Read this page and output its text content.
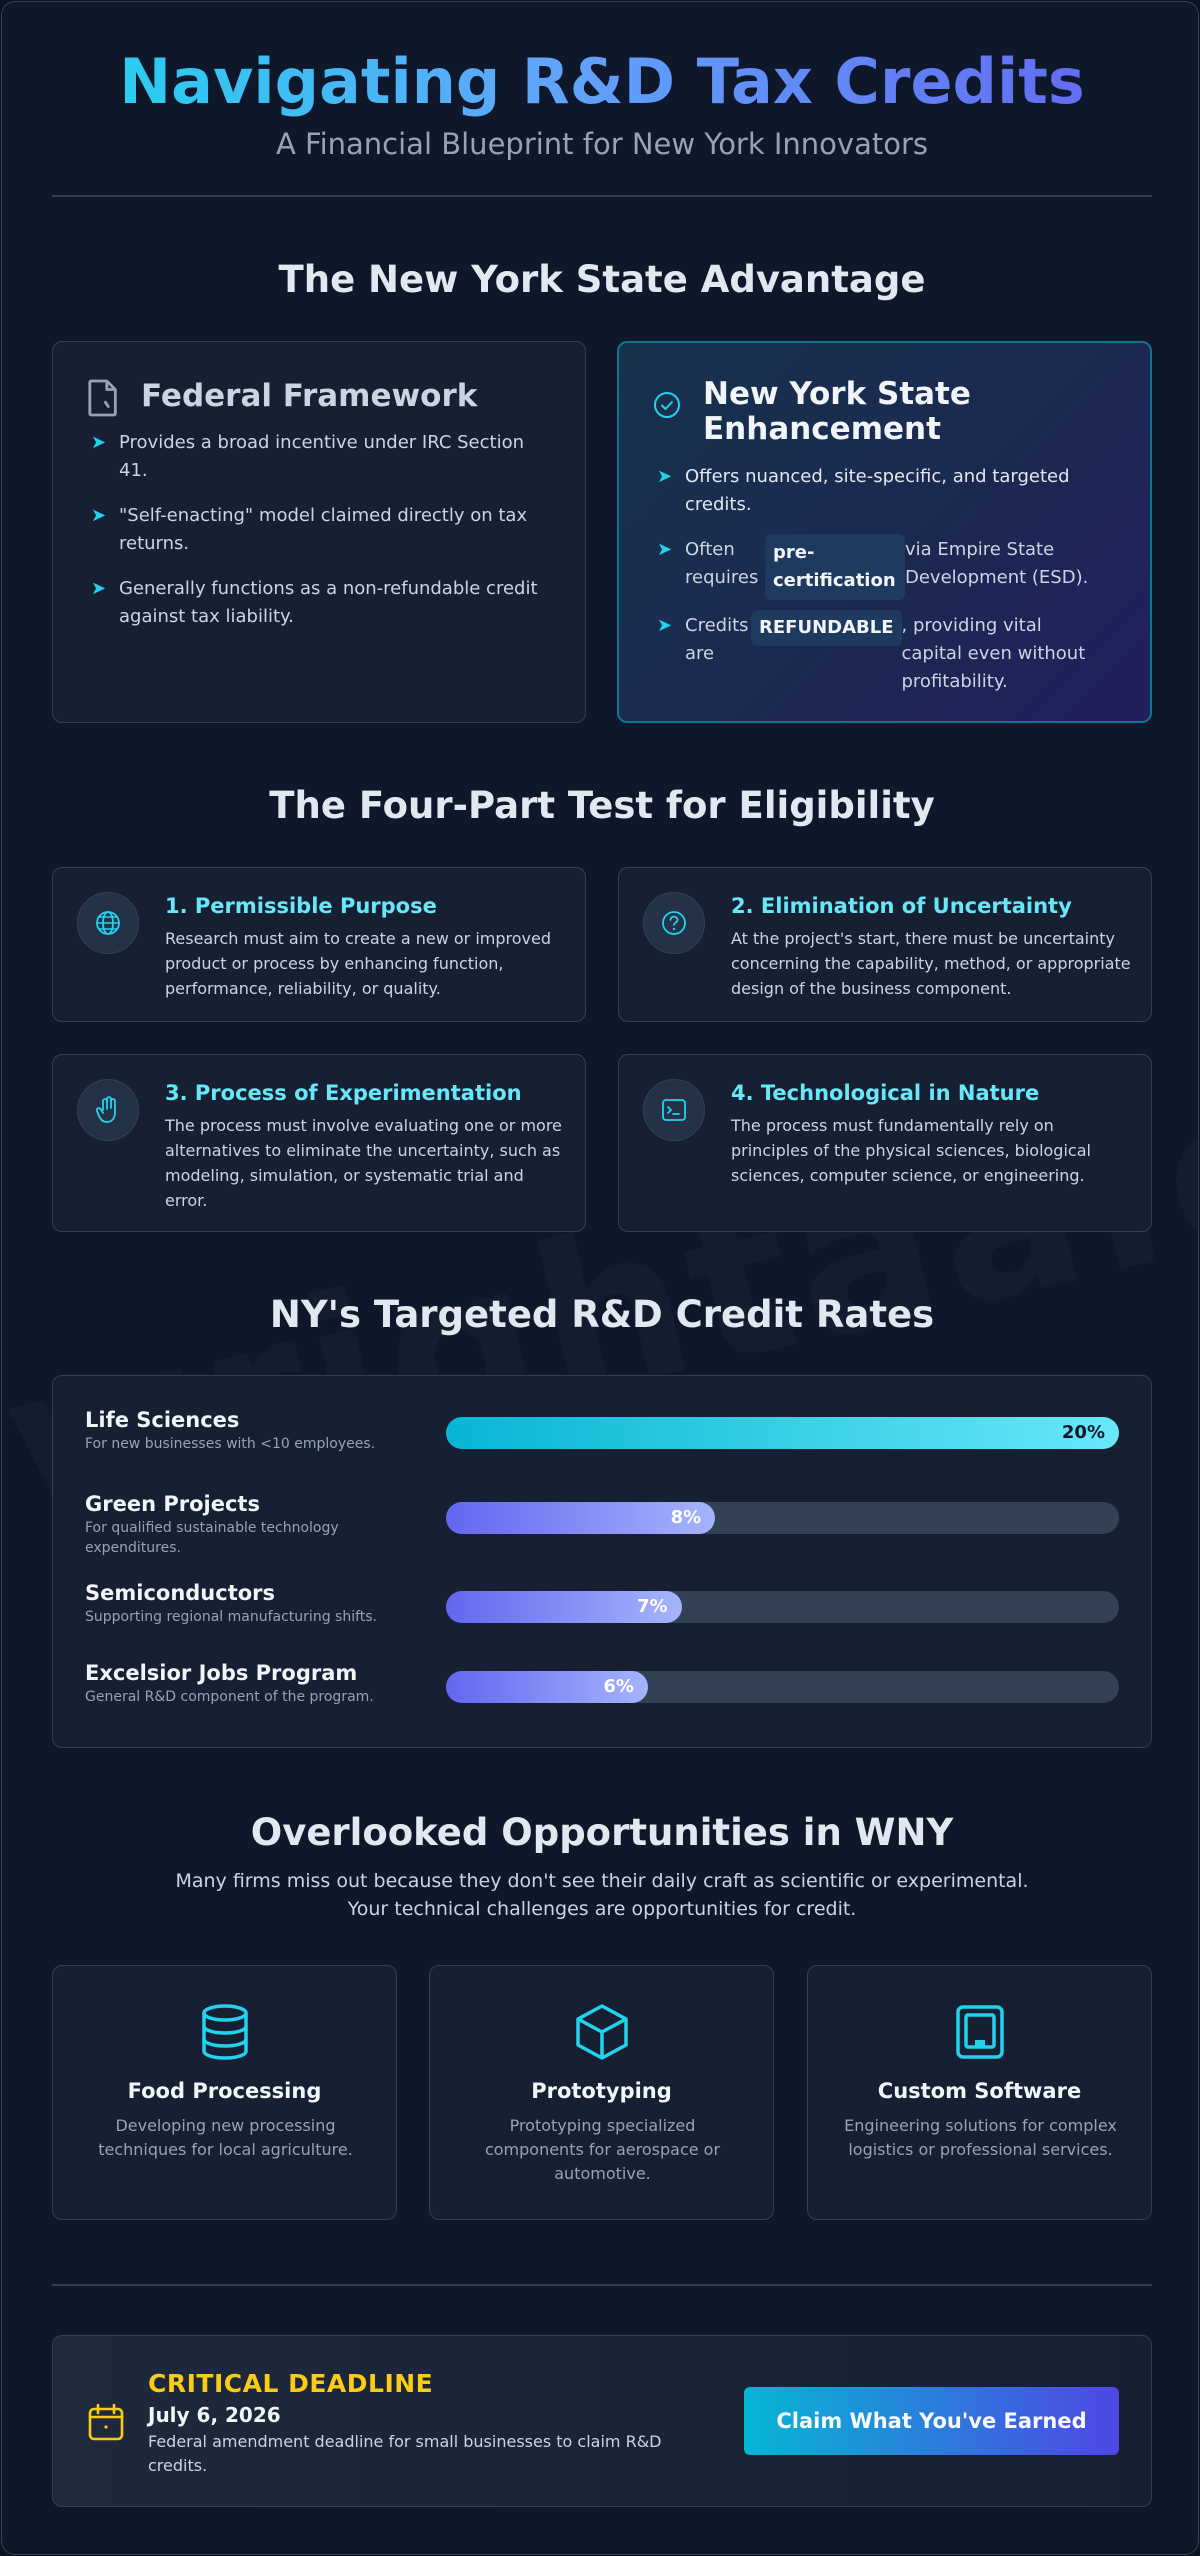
Navigating R&D Tax Credits
A Financial Blueprint for New York Innovators
The New York State Advantage
Federal Framework
➤ Provides a broad incentive under IRC Section 41.
➤ "Self-enacting" model claimed directly on tax returns.
➤ Generally functions as a non-refundable credit against tax liability.
New York State Enhancement
➤ Offers nuanced, site-specific, and targeted credits.
➤ Often requires
pre-certification
via Empire State Development (ESD).
➤ Credits are
REFUNDABLE , providing vital capital even without profitability.
The Four-Part Test for Eligibility
1. Permissible Purpose
Research must aim to create a new or improved product or process by enhancing function, performance, reliability, or quality.
2. Elimination of Uncertainty
At the project's start, there must be uncertainty concerning the capability, method, or appropriate design of the business component.
3. Process of Experimentation
The process must involve evaluating one or more alternatives to eliminate the uncertainty, such as modeling, simulation, or systematic trial and error.
4. Technological in Nature
The process must fundamentally rely on principles of the physical sciences, biological sciences, computer science, or engineering.
NY's Targeted R&D Credit Rates
Life Sciences
For new businesses with <10 employees.
20%
Green Projects
For qualified sustainable technology expenditures.
8%
Semiconductors
Supporting regional manufacturing shifts.	7%
Excelsior Jobs Program
General R&D component of the program.	6%
Overlooked Opportunities in WNY
Many firms miss out because they don't see their daily craft as scientific or experimental. Your technical challenges are opportunities for credit.
Food Processing
Developing new processing techniques for local agriculture.
Prototyping
Prototyping specialized components for aerospace or automotive.
Custom Software
Engineering solutions for complex logistics or professional services.
CRITICAL DEADLINE
July 6, 2026
Federal amendment deadline for small businesses to claim R&D credits.
Claim What You've Earned
